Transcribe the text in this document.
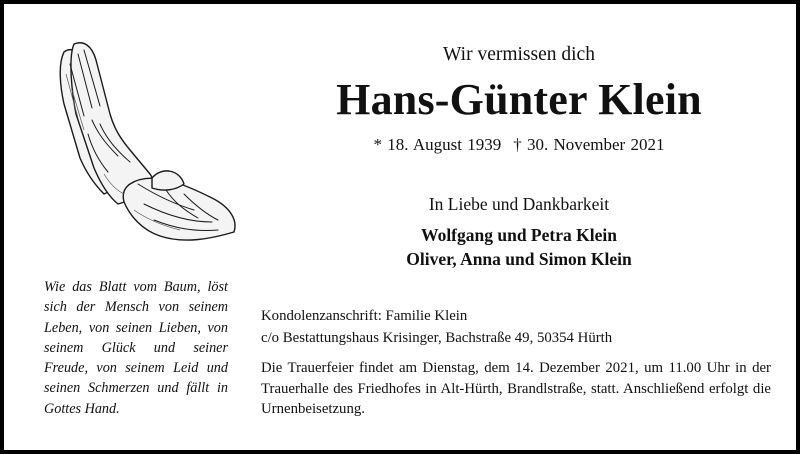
Wie das Blatt vom Baum, löst sich der Mensch von seinem Leben, von seinen Lieben, von seinem Glück und seiner Freude, von seinem Leid und seinen Schmerzen und fällt in Gottes Hand.

Wir vermissen dich
Hans-Günter Klein
* 18. August 1939 † 30. November 2021
In Liebe und Dankbarkeit
Wolfgang und Petra Klein
Oliver, Anna und Simon Klein
Kondolenzanschrift: Familie Klein
c/o Bestattungshaus Krisinger, Bachstraße 49, 50354 Hürth

Die Trauerfeier findet am Dienstag, dem 14. Dezember 2021, um 11.00 Uhr in der Trauerhalle des Friedhofes in Alt-Hürth, Brandlstraße, statt. Anschließend erfolgt die Urnenbeisetzung.
